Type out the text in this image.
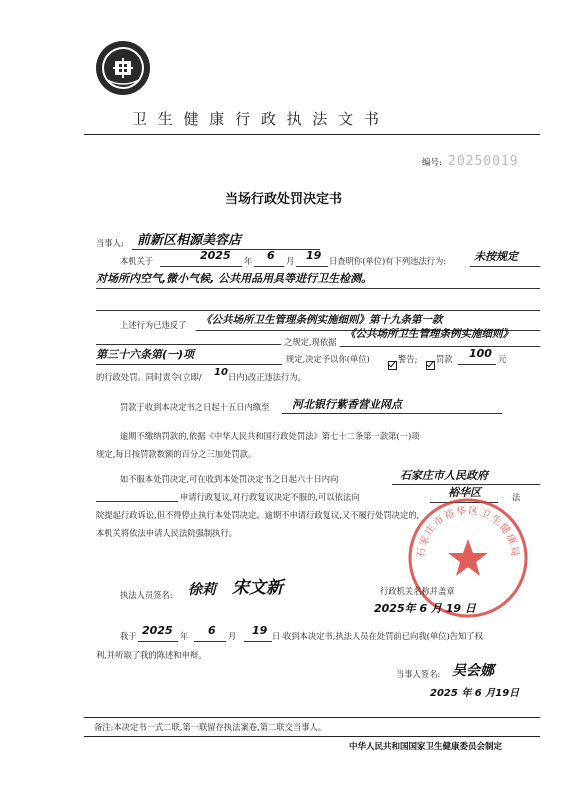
卫 生 健 康 行 政 执 法 文 书
编号: 20250019
当场行政处罚决定书
当事人: 前新区相源美容店
本机关于	2025 年 6 月 19 日查明你(单位)有下列违法行为:	未按规定
对场所内空气,微小气候, 公共用品用具等进行卫生检测。
上述行为已违反了 《公共场所卫生管理条例实施细则》第十九条第一款
之规定,现依据
《公共场所卫生管理条例实施细则》
第三十六条第(一)项	规定,决定予以你(单位)	警告; 罚款 100 元
的行政处罚。同时责令(立即/ 10 日内)改正违法行为。
罚款于收到本决定书之日起十五日内缴至 河北银行紫香营业网点
逾期不缴纳罚款的,依据《中华人民共和国行政处罚法》第七十二条第一款第(一)项
规定,每日按罚款数额的百分之三加处罚款。
如不服本处罚决定,可在收到本处罚决定书之日起六十日内向	石家庄市人民政府
申请行政复议,对行政复议决定不服的,可以依法向	裕华区	法
院提起行政诉讼,但不得停止执行本处罚决定。逾期不申请行政复议,又不履行处罚决定的,
本机关将依法申请人民法院强制执行。
石家庄市裕华区卫生健康局
执法人员签名: 徐莉 宋文新	行政机关名称并盖章
2025年 6 月 19 日
我于 2025 年 6 月 19 日 收到本决定书,执法人员在处罚前已向我(单位)告知了权
利,并听取了我的陈述和申辩。
当事人签名: 吴会娜
2025 年 6 月19日
备注:本决定书一式二联,第一联留存执法案卷,第二联交当事人。
中华人民共和国国家卫生健康委员会制定
